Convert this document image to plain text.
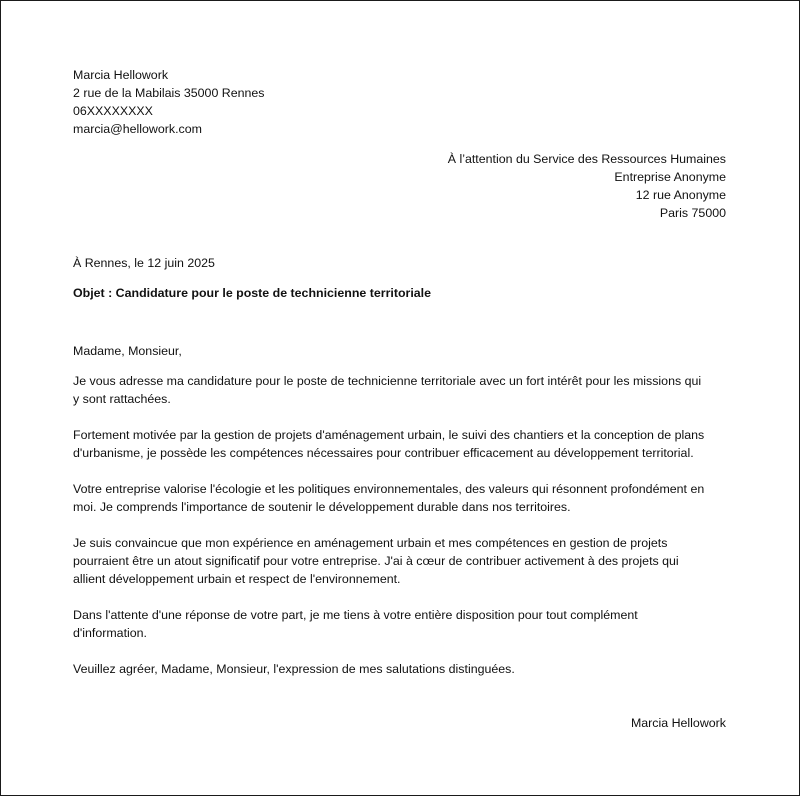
Marcia Hellowork
2 rue de la Mabilais 35000 Rennes
06XXXXXXXX
marcia@hellowork.com
À l’attention du Service des Ressources Humaines
Entreprise Anonyme
12 rue Anonyme
Paris 75000
À Rennes, le 12 juin 2025
Objet : Candidature pour le poste de technicienne territoriale
Madame, Monsieur,

Je vous adresse ma candidature pour le poste de technicienne territoriale avec un fort intérêt pour les missions qui
y sont rattachées.

Fortement motivée par la gestion de projets d'aménagement urbain, le suivi des chantiers et la conception de plans
d'urbanisme, je possède les compétences nécessaires pour contribuer efficacement au développement territorial.

Votre entreprise valorise l'écologie et les politiques environnementales, des valeurs qui résonnent profondément en
moi. Je comprends l'importance de soutenir le développement durable dans nos territoires.

Je suis convaincue que mon expérience en aménagement urbain et mes compétences en gestion de projets
pourraient être un atout significatif pour votre entreprise. J'ai à cœur de contribuer activement à des projets qui
allient développement urbain et respect de l'environnement.

Dans l'attente d'une réponse de votre part, je me tiens à votre entière disposition pour tout complément
d'information.

Veuillez agréer, Madame, Monsieur, l'expression de mes salutations distinguées.

Marcia Hellowork
